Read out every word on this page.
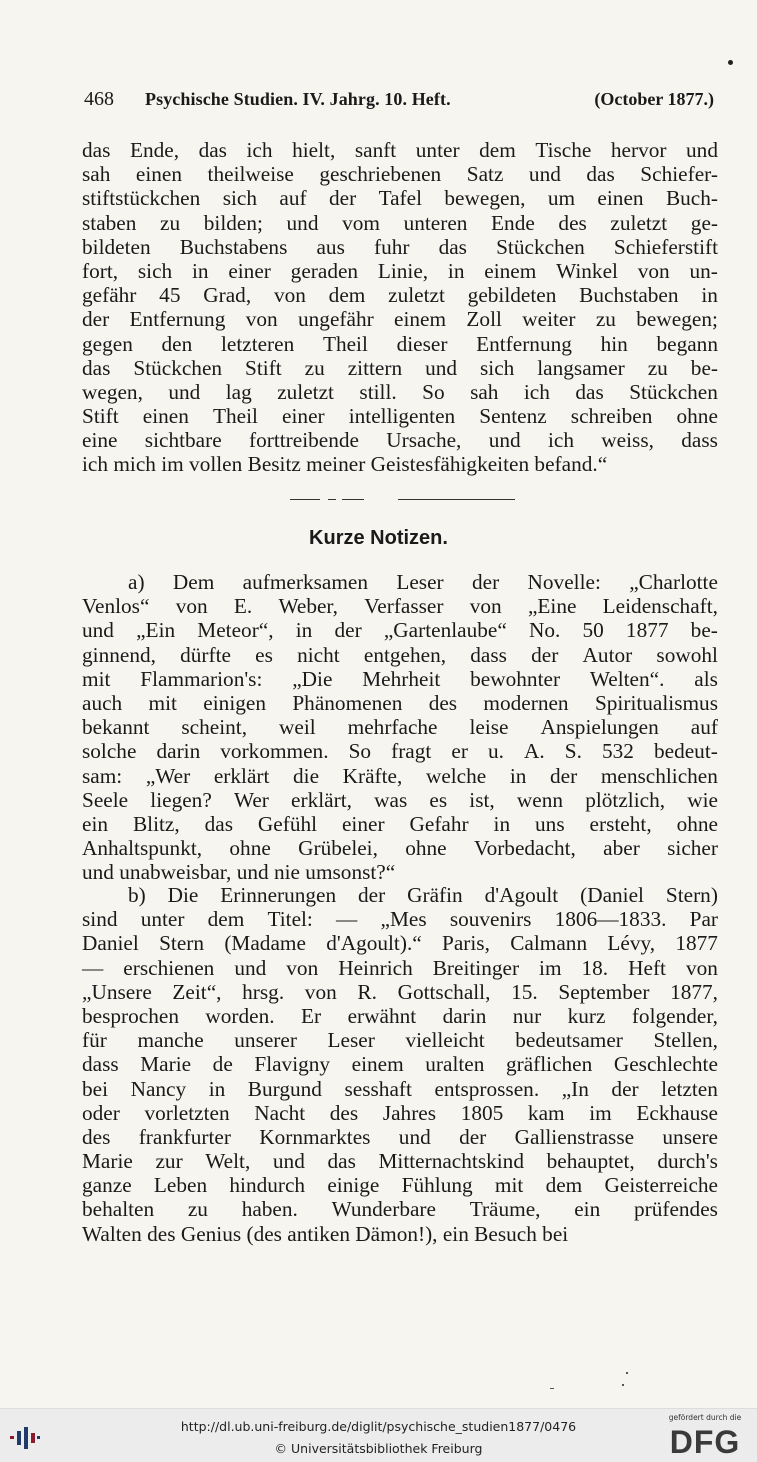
468 Psychische Studien. IV. Jahrg. 10. Heft.	(October 1877.)
das Ende, das ich hielt, sanft unter dem Tische hervor und
sah einen theilweise geschriebenen Satz und das Schiefer-
stiftstückchen sich auf der Tafel bewegen, um einen Buch-
staben zu bilden; und vom unteren Ende des zuletzt ge-
bildeten Buchstabens aus fuhr das Stückchen Schieferstift
fort, sich in einer geraden Linie, in einem Winkel von un-
gefähr 45 Grad, von dem zuletzt gebildeten Buchstaben in
der Entfernung von ungefähr einem Zoll weiter zu bewegen;
gegen den letzteren Theil dieser Entfernung hin begann
das Stückchen Stift zu zittern und sich langsamer zu be-
wegen, und lag zuletzt still. So sah ich das Stückchen
Stift einen Theil einer intelligenten Sentenz schreiben ohne
eine sichtbare forttreibende Ursache, und ich weiss, dass
ich mich im vollen Besitz meiner Geistesfähigkeiten befand.“
Kurze Notizen.
a) Dem aufmerksamen Leser der Novelle: „Charlotte
Venlos“ von E. Weber, Verfasser von „Eine Leidenschaft,
und „Ein Meteor“, in der „Gartenlaube“ No. 50 1877 be-
ginnend, dürfte es nicht entgehen, dass der Autor sowohl
mit Flammarion's: „Die Mehrheit bewohnter Welten“. als
auch mit einigen Phänomenen des modernen Spiritualismus
bekannt scheint, weil mehrfache leise Anspielungen auf
solche darin vorkommen. So fragt er u. A. S. 532 bedeut-
sam: „Wer erklärt die Kräfte, welche in der menschlichen
Seele liegen? Wer erklärt, was es ist, wenn plötzlich, wie
ein Blitz, das Gefühl einer Gefahr in uns ersteht, ohne
Anhaltspunkt, ohne Grübelei, ohne Vorbedacht, aber sicher
und unabweisbar, und nie umsonst?“
b) Die Erinnerungen der Gräfin d'Agoult (Daniel Stern)
sind unter dem Titel: — „Mes souvenirs 1806—1833. Par
Daniel Stern (Madame d'Agoult).“ Paris, Calmann Lévy, 1877
— erschienen und von Heinrich Breitinger im 18. Heft von
„Unsere Zeit“, hrsg. von R. Gottschall, 15. September 1877,
besprochen worden. Er erwähnt darin nur kurz folgender,
für manche unserer Leser vielleicht bedeutsamer Stellen,
dass Marie de Flavigny einem uralten gräflichen Geschlechte
bei Nancy in Burgund sesshaft entsprossen. „In der letzten
oder vorletzten Nacht des Jahres 1805 kam im Eckhause
des frankfurter Kornmarktes und der Gallienstrasse unsere
Marie zur Welt, und das Mitternachtskind behauptet, durch's
ganze Leben hindurch einige Fühlung mit dem Geisterreiche
behalten zu haben. Wunderbare Träume, ein prüfendes
Walten des Genius (des antiken Dämon!), ein Besuch bei
http://dl.ub.uni-freiburg.de/diglit/psychische_studien1877/0476
© Universitätsbibliothek Freiburg
gefördert durch die
DFG
